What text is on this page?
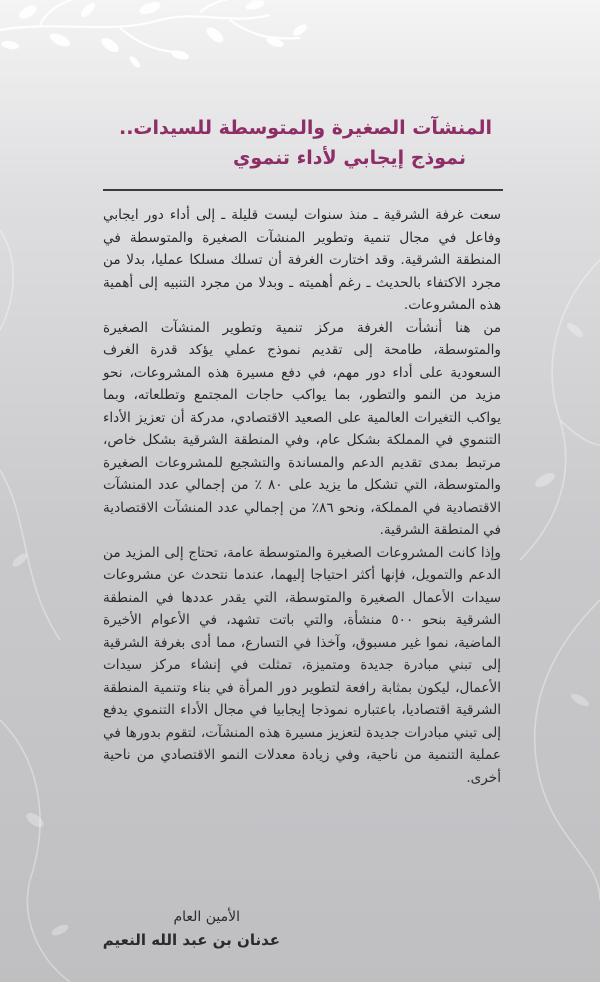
المنشآت الصغيرة والمتوسطة للسيدات..
نموذج إيجابي لأداء تنموي

سعت غرفة الشرقية ـ منذ سنوات ليست قليلة ـ إلى أداء دور ايجابي وفاعل في مجال تنمية وتطوير المنشآت الصغيرة والمتوسطة في المنطقة الشرقية. وقد اختارت الغرفة أن تسلك مسلكا عمليا، بدلا من مجرد الاكتفاء بالحديث ـ رغم أهميته ـ وبدلا من مجرد التنبيه إلى أهمية هذه المشروعات.

من هنا أنشأت الغرفة مركز تنمية وتطوير المنشآت الصغيرة والمتوسطة، طامحة إلى تقديم نموذج عملي يؤكد قدرة الغرف السعودية على أداء دور مهم، في دفع مسيرة هذه المشروعات، نحو مزيد من النمو والتطور، بما يواكب حاجات المجتمع وتطلعاته، وبما يواكب التغيرات العالمية على الصعيد الاقتصادي، مدركة أن تعزيز الأداء التنموي في المملكة بشكل عام، وفي المنطقة الشرقية بشكل خاص، مرتبط بمدى تقديم الدعم والمساندة والتشجيع للمشروعات الصغيرة والمتوسطة، التي تشكل ما يزيد على ٨٠ ٪ من إجمالي عدد المنشآت الاقتصادية في المملكة، ونحو ٨٦٪ من إجمالي عدد المنشآت الاقتصادية في المنطقة الشرقية.

وإذا كانت المشروعات الصغيرة والمتوسطة عامة، تحتاج إلى المزيد من الدعم والتمويل، فإنها أكثر احتياجا إليهما، عندما نتحدث عن مشروعات سيدات الأعمال الصغيرة والمتوسطة، التي يقدر عددها في المنطقة الشرقية بنحو ٥٠٠ منشأة، والتي باتت تشهد، في الأعوام الأخيرة الماضية، نموا غير مسبوق، وآخذا في التسارع، مما أدى بغرفة الشرقية إلى تبني مبادرة جديدة ومتميزة، تمثلت في إنشاء مركز سيدات الأعمال، ليكون بمثابة رافعة لتطوير دور المرأة في بناء وتنمية المنطقة الشرقية اقتصاديا، باعتباره نموذجا إيجابيا في مجال الأداء التنموي يدفع إلى تبني مبادرات جديدة لتعزيز مسيرة هذه المنشآت، لتقوم بدورها في عملية التنمية من ناحية، وفي زيادة معدلات النمو الاقتصادي من ناحية أخرى.

الأمين العام
عدنان بن عبد الله النعيم
